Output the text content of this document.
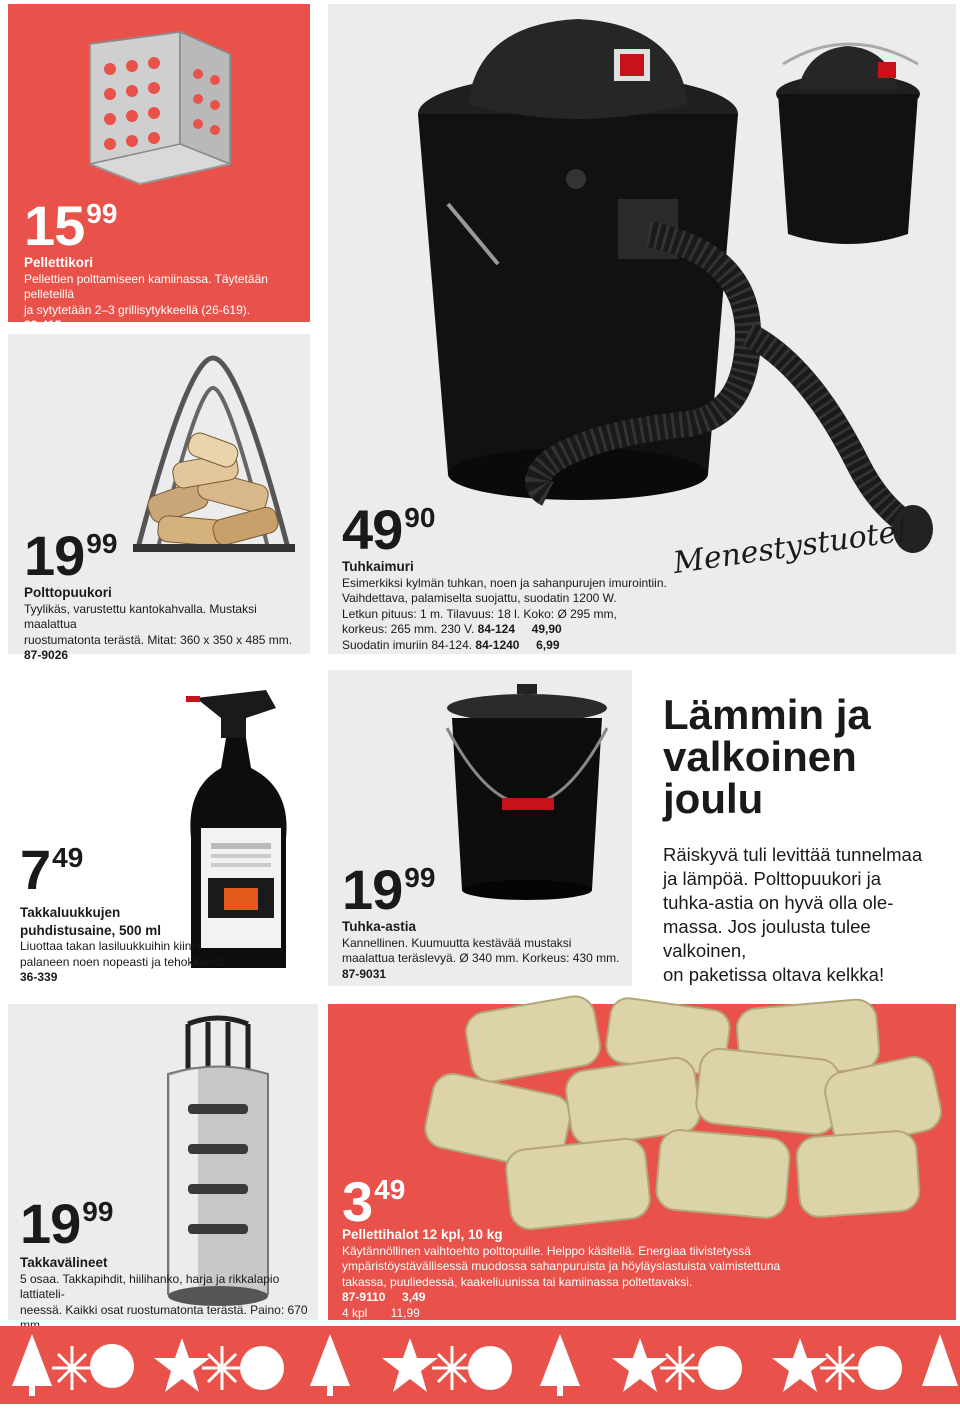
1599
Pellettikori
Pellettien polttamiseen kamiinassa. Täytetään pelleteillä
ja sytytetään 2–3 grillisytykkeellä (26-619).
88-415
1999
Polttopuukori
Tyylikäs, varustettu kantokahvalla. Mustaksi maalattua
ruostumatonta terästä. Mitat: 360 x 350 x 485 mm.
87-9026
4990
Tuhkaimuri
Esimerkiksi kylmän tuhkan, noen ja sahanpurujen imurointiin.
Vaihdettava, palamiselta suojattu, suodatin 1200 W.
Letkun pituus: 1 m. Tilavuus: 18 l. Koko: Ø 295 mm,
korkeus: 265 mm. 230 V. 84-124     49,90
Suodatin imuriin 84-124. 84-1240     6,99
Menestystuote!
749
Takkaluukkujen
puhdistusaine, 500 ml
Liuottaa takan lasiluukkuihin kiinni
palaneen noen nopeasti ja tehokkaasti.
36-339
1999
Tuhka-astia
Kannellinen. Kuumuutta kestävää mustaksi
maalattua teräslevyä. Ø 340 mm. Korkeus: 430 mm.
87-9031
Lämmin ja
valkoinen
joulu
Räiskyvä tuli levittää tunnelmaa
ja lämpöä. Polttopuukori ja
tuhka-astia on hyvä olla ole-
massa. Jos joulusta tulee valkoinen,
on paketissa oltava kelkka!
1999
Takkavälineet
5 osaa. Takkapihdit, hiilihanko, harja ja rikkalapio lattiateli-
neessä. Kaikki osat ruostumatonta terästä. Paino: 670

349
Pellettihalot 12 kpl, 10 kg
Käytännöllinen vaihtoehto polttopuille. Helppo käsitellä. Energiaa tiivistetyssä
ympäristöystävällisessä muodossa sahanpuruista ja höyläyslastuista valmistettuna
takassa, puuliedessä, kaakeliuunissa tai kamiinassa poltettavaksi.
87-9110     3,49
4 kpl       11,99
